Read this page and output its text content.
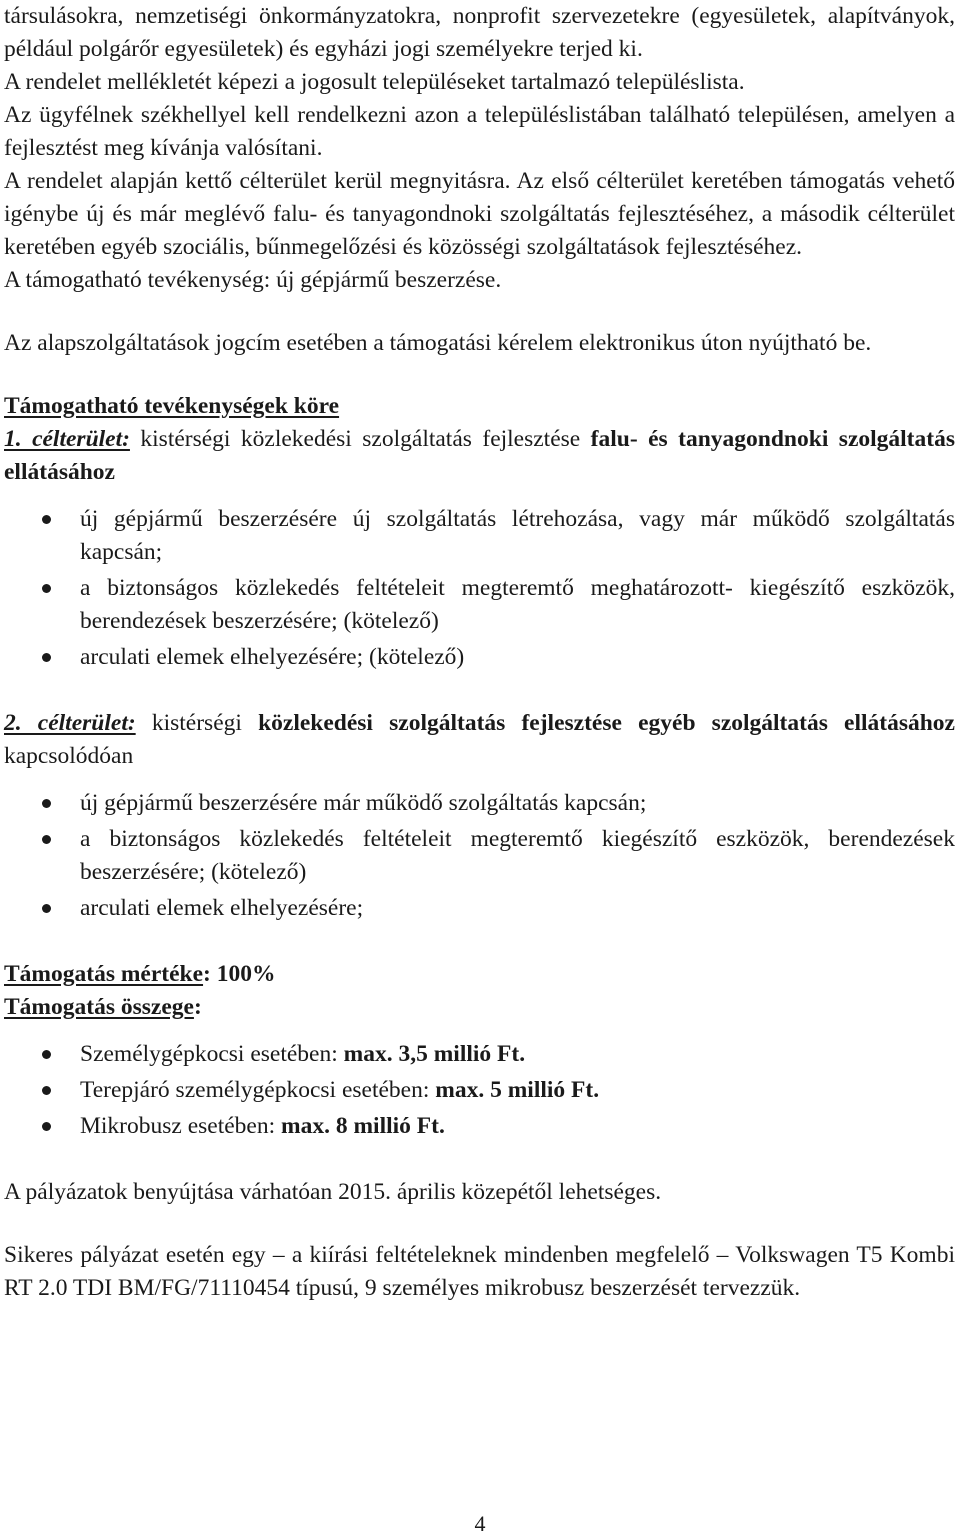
társulásokra, nemzetiségi önkormányzatokra, nonprofit szervezetekre (egyesületek, alapítványok, például polgárőr egyesületek) és egyházi jogi személyekre terjed ki.

A rendelet mellékletét képezi a jogosult településeket tartalmazó településlista.

Az ügyfélnek székhellyel kell rendelkezni azon a településlistában található településen, amelyen a fejlesztést meg kívánja valósítani.

A rendelet alapján kettő célterület kerül megnyitásra. Az első célterület keretében támogatás vehető igénybe új és már meglévő falu- és tanyagondnoki szolgáltatás fejlesztéséhez, a második célterület keretében egyéb szociális, bűnmegelőzési és közösségi szolgáltatások fejlesztéséhez.

A támogatható tevékenység: új gépjármű beszerzése.

Az alapszolgáltatások jogcím esetében a támogatási kérelem elektronikus úton nyújtható be.

Támogatható tevékenységek köre

1. célterület: kistérségi közlekedési szolgáltatás fejlesztése falu- és tanyagondnoki szolgáltatás ellátásához

új gépjármű beszerzésére új szolgáltatás létrehozása, vagy már működő szolgáltatás kapcsán;
a biztonságos közlekedés feltételeit megteremtő meghatározott- kiegészítő eszközök, berendezések beszerzésére; (kötelező)
arculati elemek elhelyezésére; (kötelező)

2. célterület: kistérségi közlekedési szolgáltatás fejlesztése egyéb szolgáltatás ellátásához kapcsolódóan

új gépjármű beszerzésére már működő szolgáltatás kapcsán;
a biztonságos közlekedés feltételeit megteremtő kiegészítő eszközök, berendezések beszerzésére; (kötelező)
arculati elemek elhelyezésére;

Támogatás mértéke: 100%

Támogatás összege:

Személygépkocsi esetében: max. 3,5 millió Ft.
Terepjáró személygépkocsi esetében: max. 5 millió Ft.
Mikrobusz esetében: max. 8 millió Ft.

A pályázatok benyújtása várhatóan 2015. április közepétől lehetséges.

Sikeres pályázat esetén egy – a kiírási feltételeknek mindenben megfelelő – Volkswagen T5 Kombi RT 2.0 TDI BM/FG/71110454 típusú, 9 személyes mikrobusz beszerzését tervezzük.

4
